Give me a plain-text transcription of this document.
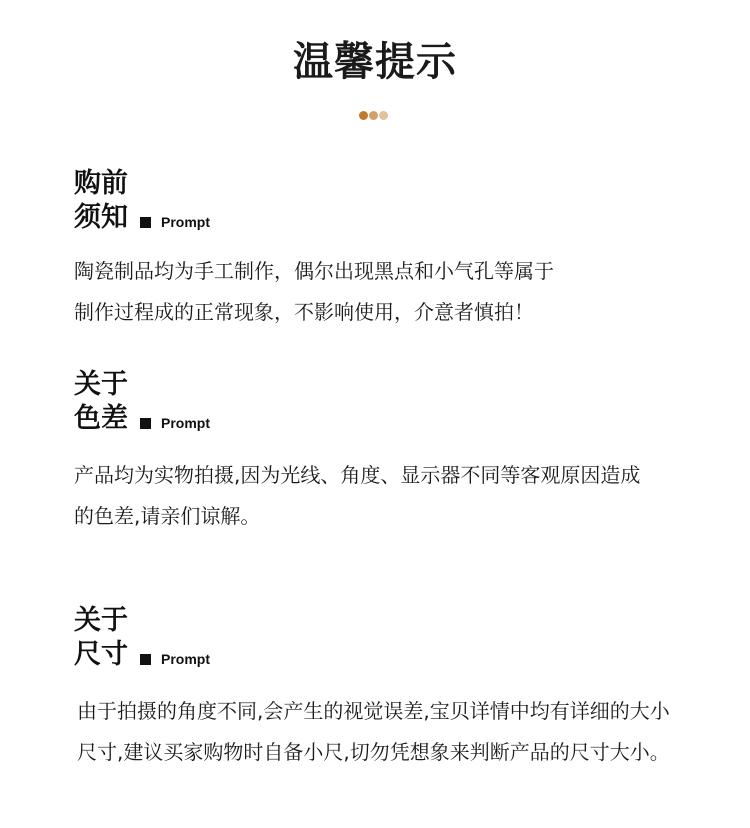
温馨提示
购前
须知 Prompt
陶瓷制品均为手工制作，偶尔出现黑点和小气孔等属于
制作过程成的正常现象，不影响使用，介意者慎拍！
关于
色差 Prompt
产品均为实物拍摄,因为光线、角度、显示器不同等客观原因造成
的色差,请亲们谅解。
关于
尺寸 Prompt
由于拍摄的角度不同,会产生的视觉误差,宝贝详情中均有详细的大小
尺寸,建议买家购物时自备小尺,切勿凭想象来判断产品的尺寸大小。
